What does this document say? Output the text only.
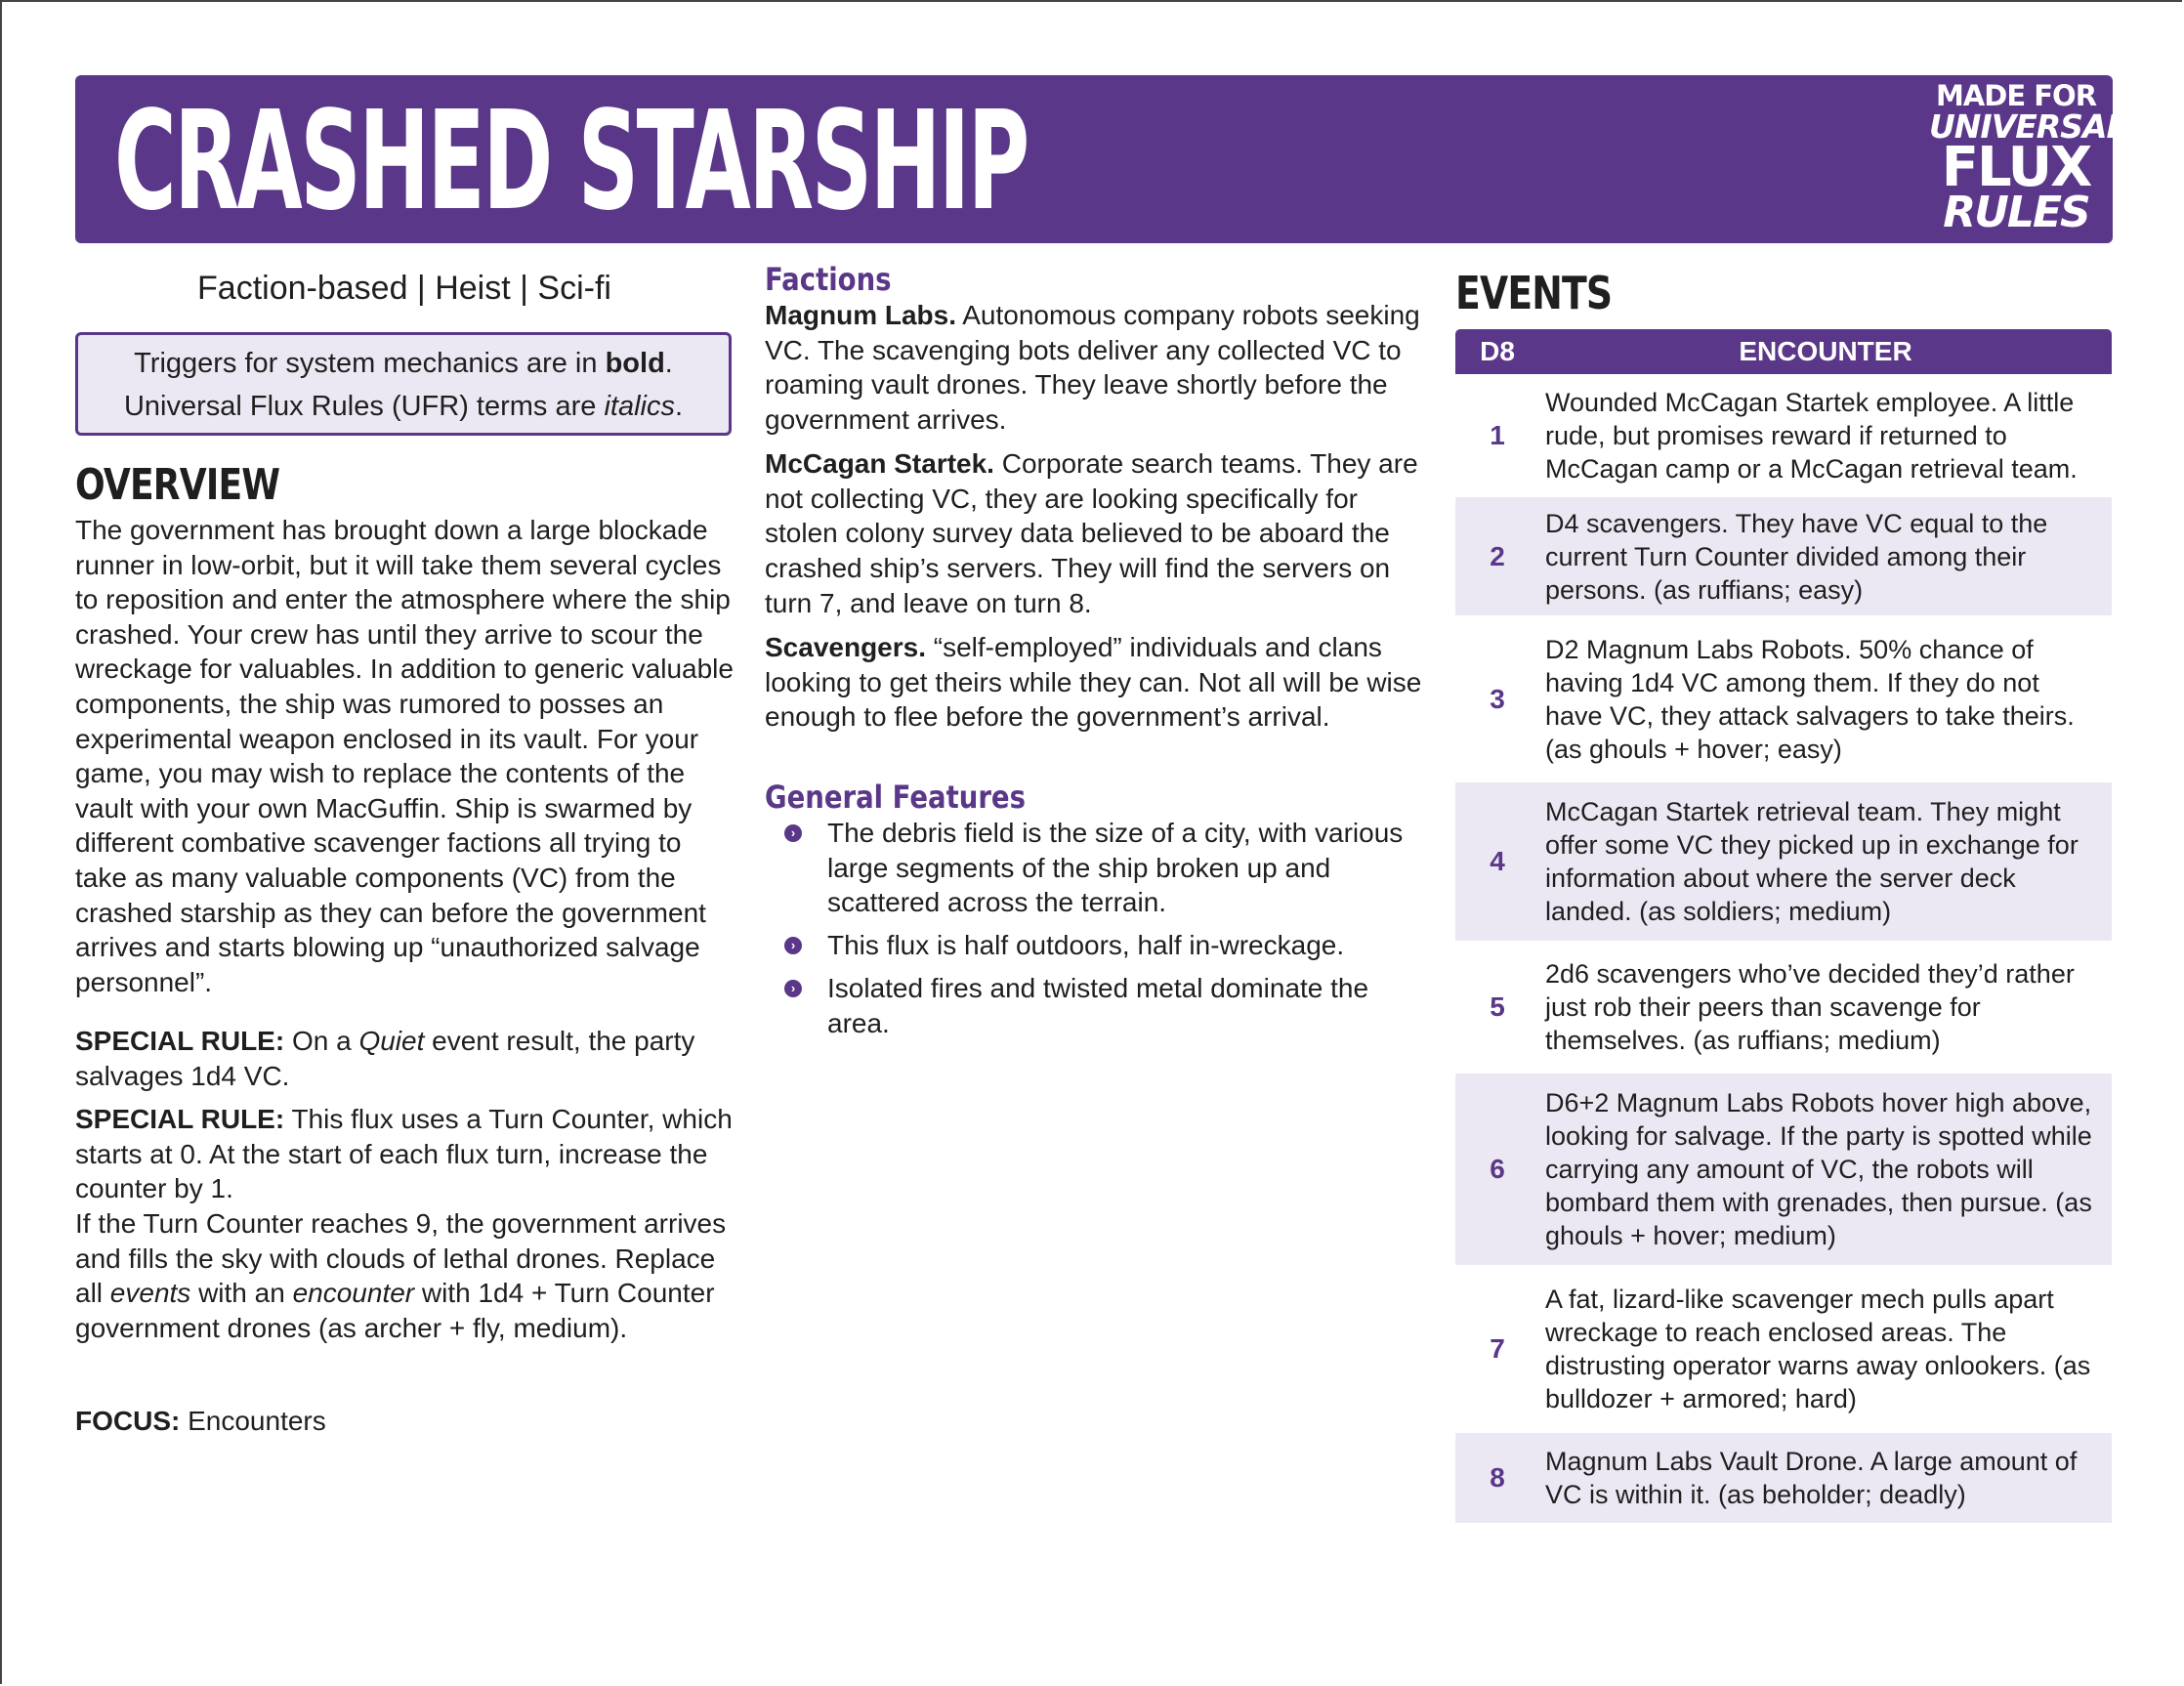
CRASHED STARSHIP	MADE FOR
UNIVERSAL
FLUX
RULES
Faction-based | Heist | Sci-fi
Triggers for system mechanics are in bold.
Universal Flux Rules (UFR) terms are italics.
OVERVIEW
The government has brought down a large blockade runner in low-orbit, but it will take them several cycles to reposition and enter the atmosphere where the ship crashed. Your crew has until they arrive to scour the wreckage for valuables. In addition to generic valuable components, the ship was rumored to posses an experimental weapon enclosed in its vault. For your game, you may wish to replace the contents of the vault with your own MacGuffin. Ship is swarmed by different combative scavenger factions all trying to take as many valuable components (VC) from the crashed starship as they can before the government arrives and starts blowing up “unauthorized salvage personnel”.
SPECIAL RULE: On a Quiet event result, the party salvages 1d4 VC.
SPECIAL RULE: This flux uses a Turn Counter, which starts at 0. At the start of each flux turn, increase the counter by 1.
If the Turn Counter reaches 9, the government arrives and fills the sky with clouds of lethal drones. Replace all events with an encounter with 1d4 + Turn Counter government drones (as archer + fly, medium).
FOCUS: Encounters
Factions
Magnum Labs. Autonomous company robots seeking VC. The scavenging bots deliver any collected VC to roaming vault drones. They leave shortly before the government arrives.
McCagan Startek. Corporate search teams. They are not collecting VC, they are looking specifically for stolen colony survey data believed to be aboard the crashed ship’s servers. They will find the servers on turn 7, and leave on turn 8.
Scavengers. “self-employed” individuals and clans looking to get theirs while they can. Not all will be wise enough to flee before the government’s arrival.
General Features
› The debris field is the size of a city, with various large segments of the ship broken up and scattered across the terrain.
› This flux is half outdoors, half in-wreckage.
› Isolated fires and twisted metal dominate the area.
EVENTS
D8	ENCOUNTER
1
Wounded McCagan Startek employee. A little rude, but promises reward if returned to McCagan camp or a McCagan retrieval team.
2
D4 scavengers. They have VC equal to the current Turn Counter divided among their persons. (as ruffians; easy)
3
D2 Magnum Labs Robots. 50% chance of having 1d4 VC among them. If they do not have VC, they attack salvagers to take theirs. (as ghouls + hover; easy)
4
McCagan Startek retrieval team. They might offer some VC they picked up in exchange for information about where the server deck landed. (as soldiers; medium)
5
2d6 scavengers who’ve decided they’d rather just rob their peers than scavenge for themselves. (as ruffians; medium)
6
D6+2 Magnum Labs Robots hover high above, looking for salvage. If the party is spotted while carrying any amount of VC, the robots will bombard them with grenades, then pursue. (as ghouls + hover; medium)
7
A fat, lizard-like scavenger mech pulls apart wreckage to reach enclosed areas. The distrusting operator warns away onlookers. (as bulldozer + armored; hard)
8
Magnum Labs Vault Drone. A large amount of VC is within it. (as beholder; deadly)
